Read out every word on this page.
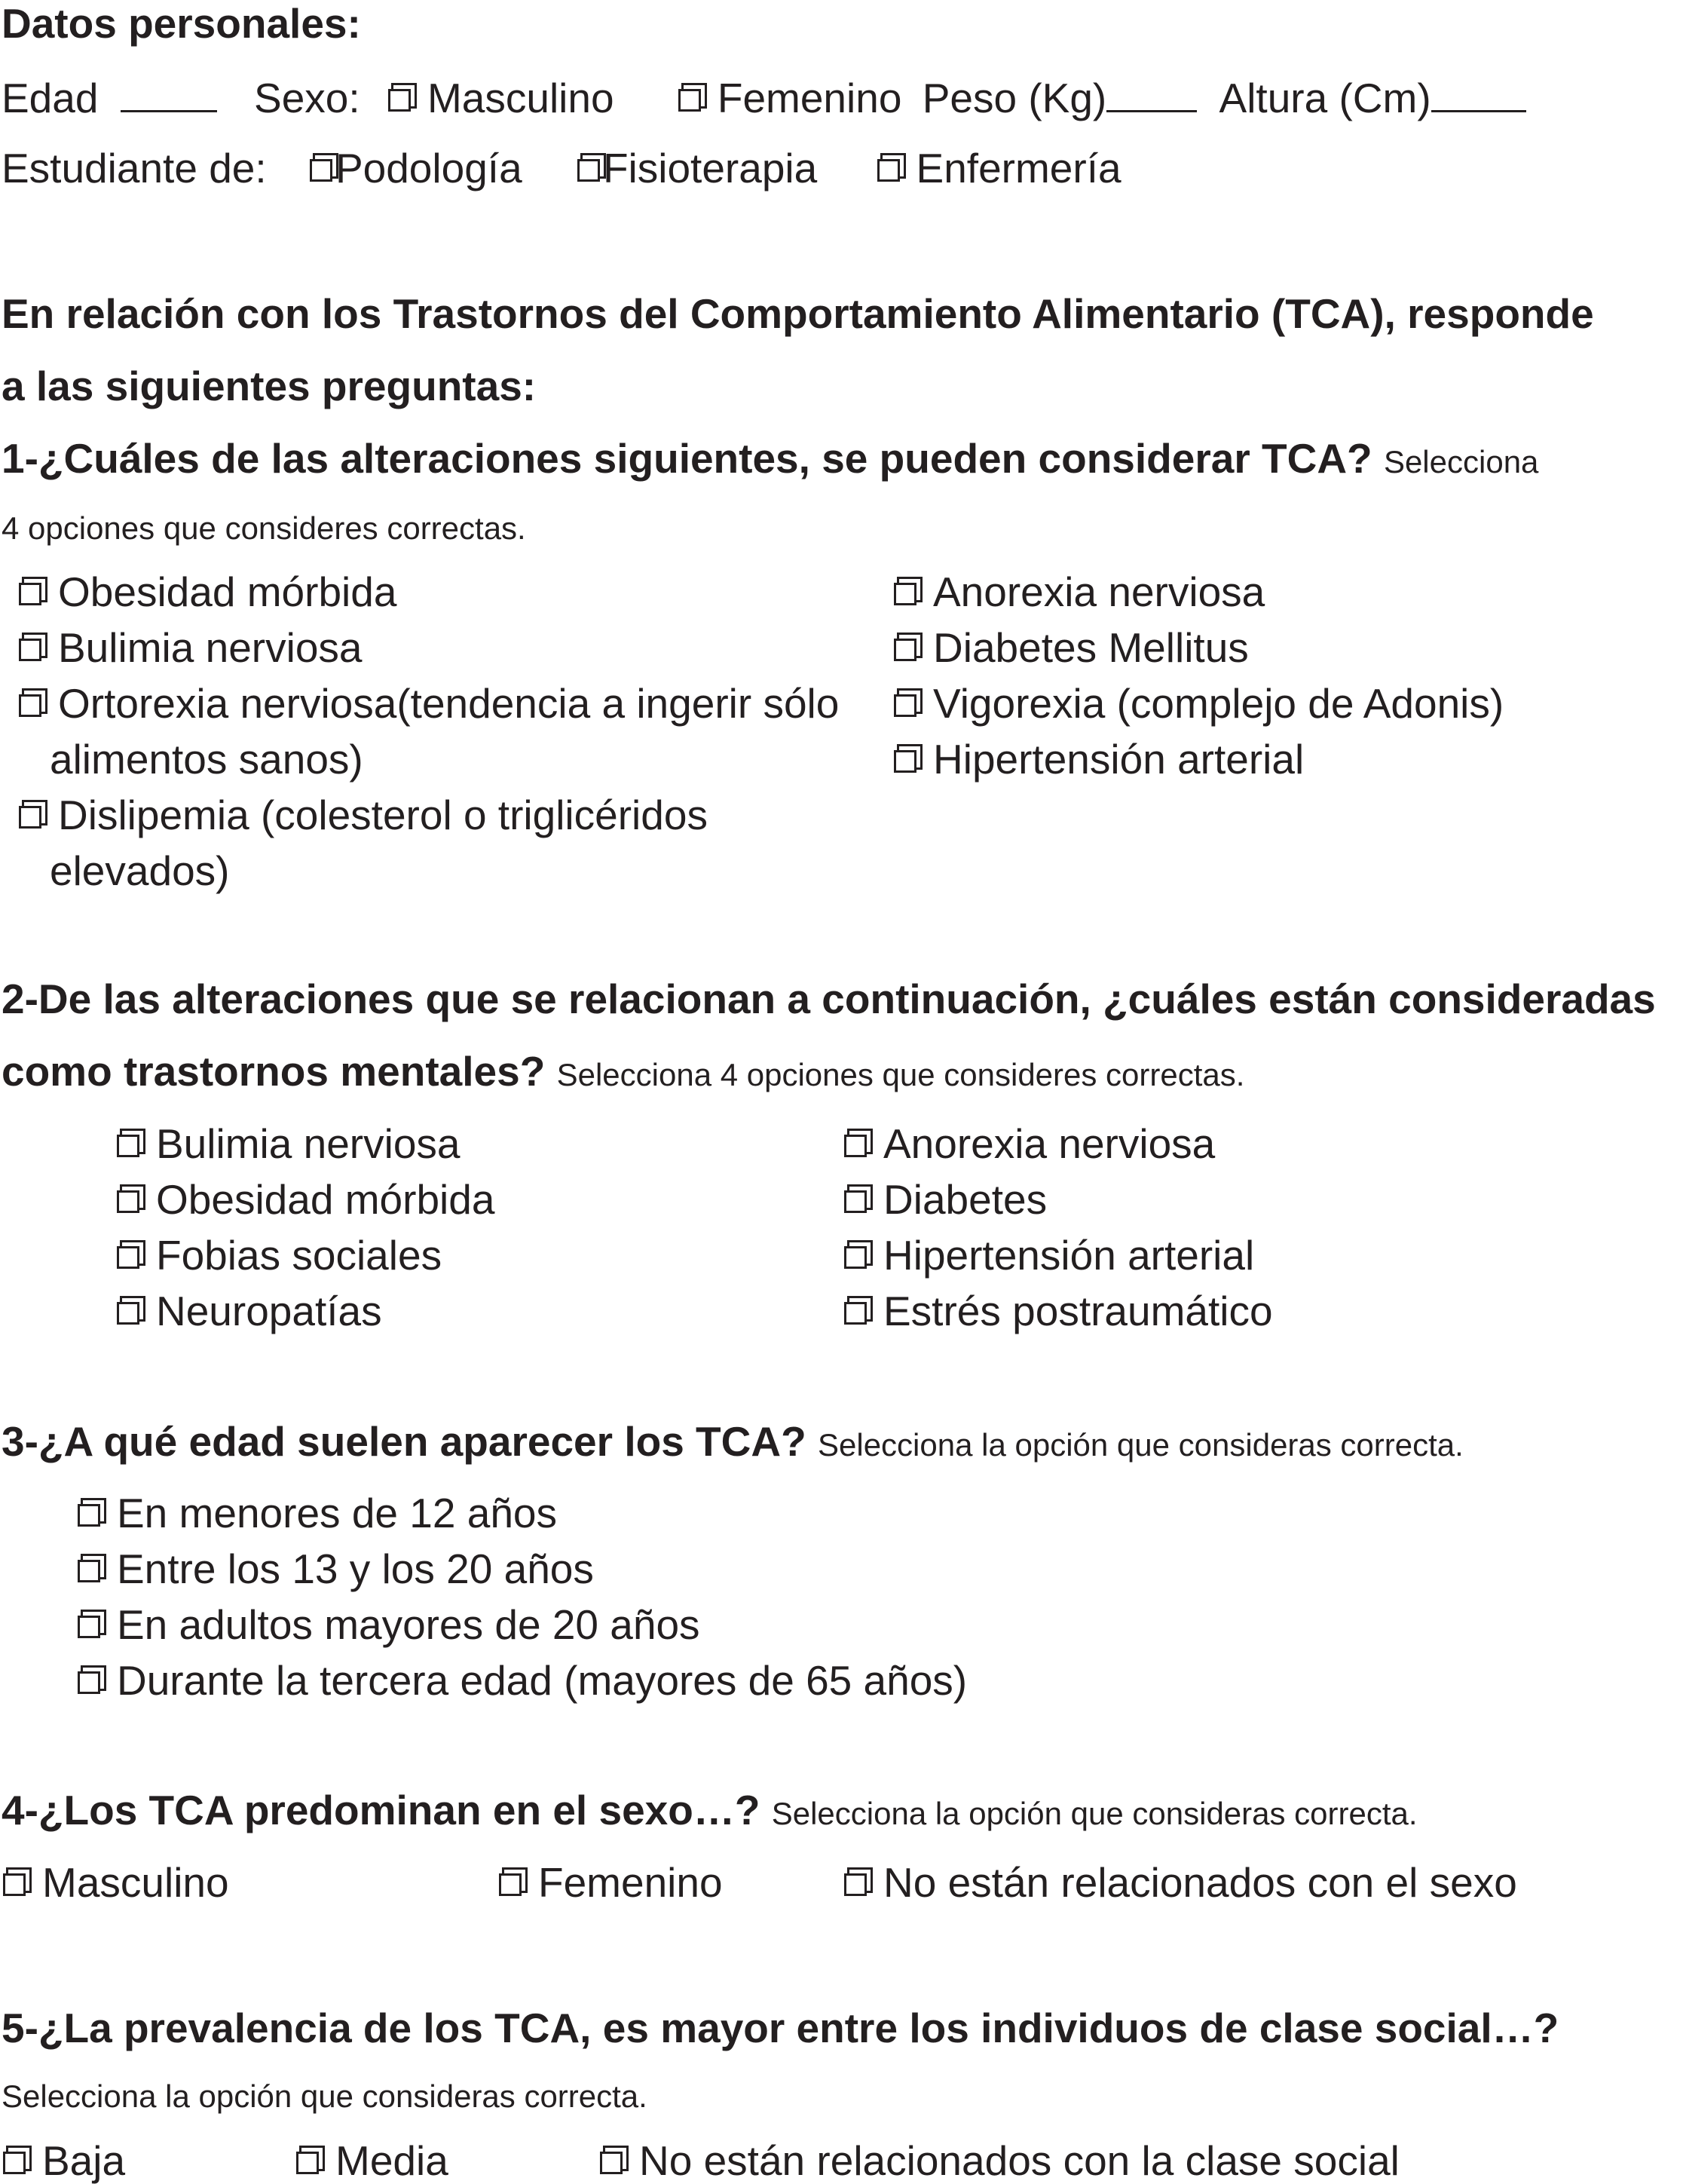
Datos personales:
Edad	Sexo: Masculino Femenino Peso (Kg)	Altura (Cm)
Estudiante de: Podología Fisioterapia Enfermería
En relación con los Trastornos del Comportamiento Alimentario (TCA), responde
a las siguientes preguntas:
1-¿Cuáles de las alteraciones siguientes, se pueden considerar TCA? Selecciona
4 opciones que consideres correctas.
Obesidad mórbida
Bulimia nerviosa
Ortorexia nerviosa(tendencia a ingerir sólo
alimentos sanos)
Dislipemia (colesterol o triglicéridos
elevados)
Anorexia nerviosa
Diabetes Mellitus
Vigorexia (complejo de Adonis)
Hipertensión arterial
2-De las alteraciones que se relacionan a continuación, ¿cuáles están consideradas
como trastornos mentales? Selecciona 4 opciones que consideres correctas.
Bulimia nerviosa
Obesidad mórbida
Fobias sociales
Neuropatías
Anorexia nerviosa
Diabetes
Hipertensión arterial
Estrés postraumático
3-¿A qué edad suelen aparecer los TCA? Selecciona la opción que consideras correcta.
En menores de 12 años
Entre los 13 y los 20 años
En adultos mayores de 20 años
Durante la tercera edad (mayores de 65 años)
4-¿Los TCA predominan en el sexo…? Selecciona la opción que consideras correcta.
Masculino	Femenino	No están relacionados con el sexo
5-¿La prevalencia de los TCA, es mayor entre los individuos de clase social…?
Selecciona la opción que consideras correcta.
Baja	Media	No están relacionados con la clase social
